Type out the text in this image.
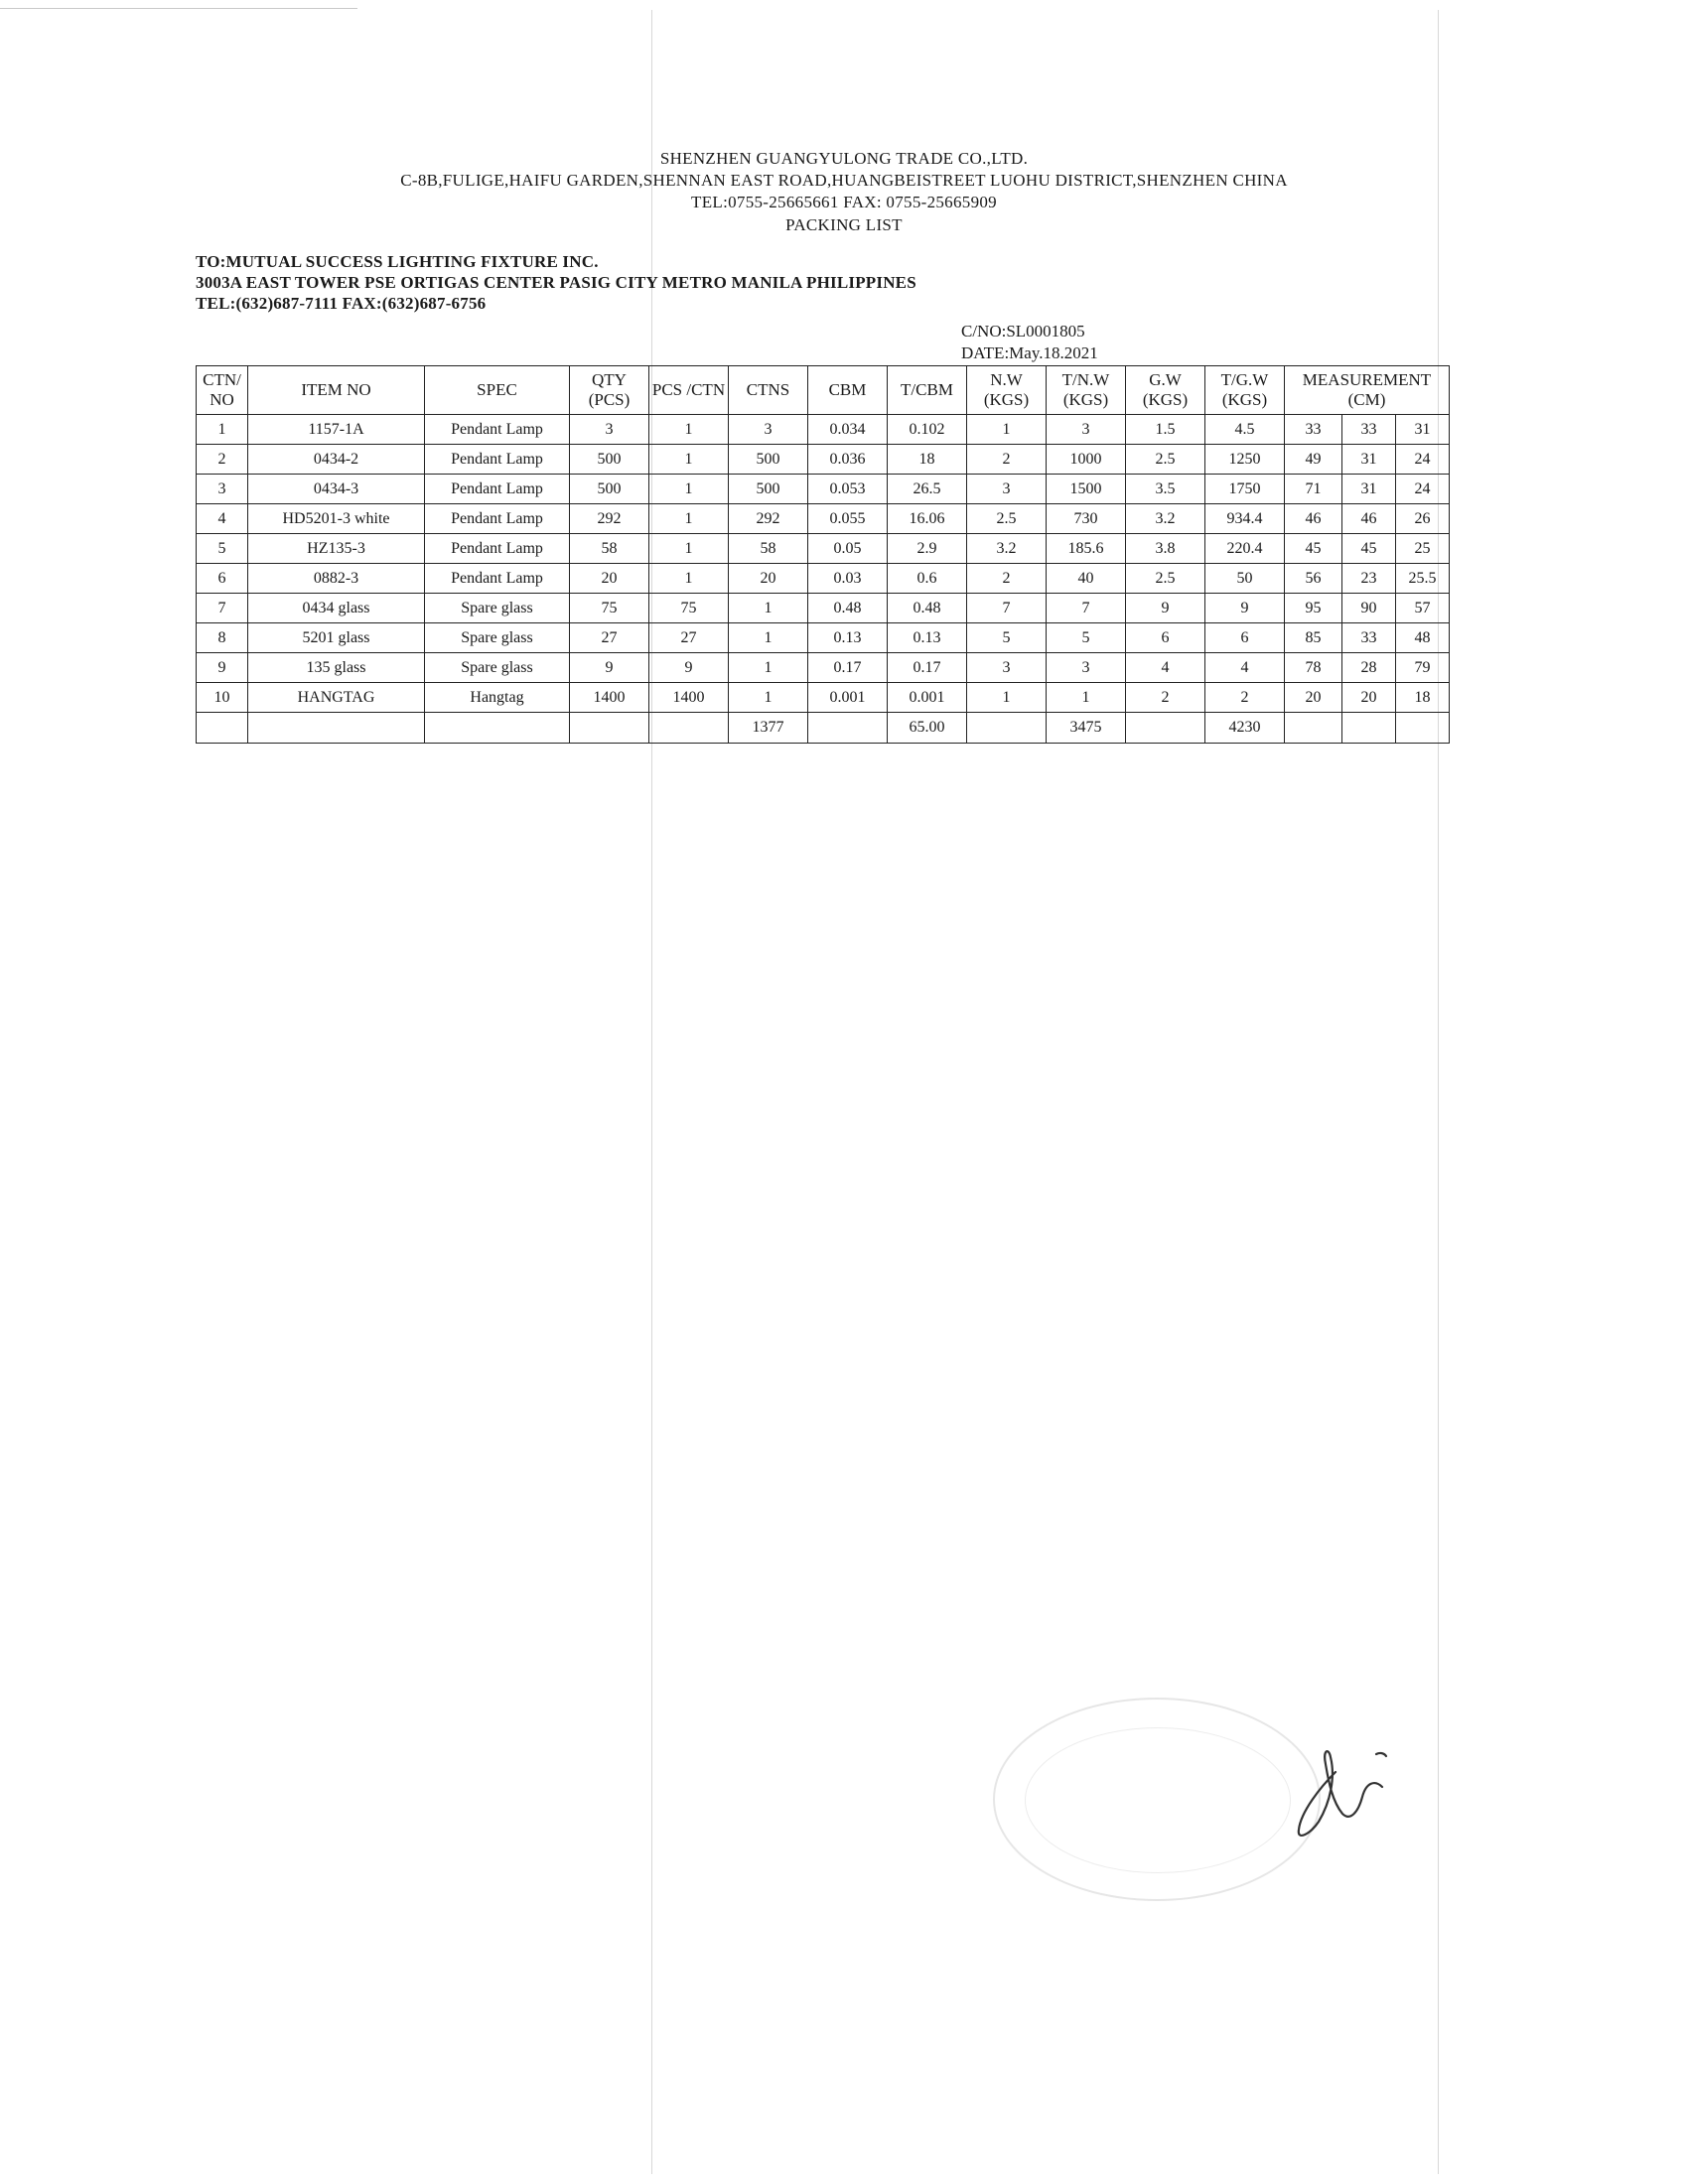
SHENZHEN GUANGYULONG TRADE CO.,LTD.
C-8B,FULIGE,HAIFU GARDEN,SHENNAN EAST ROAD,HUANGBEISTREET LUOHU DISTRICT,SHENZHEN CHINA
TEL:0755-25665661 FAX: 0755-25665909
PACKING LIST
TO:MUTUAL SUCCESS LIGHTING FIXTURE INC.
3003A EAST TOWER PSE ORTIGAS CENTER PASIG CITY METRO MANILA PHILIPPINES
TEL:(632)687-7111 FAX:(632)687-6756
C/NO:SL0001805
DATE:May.18.2021
CTN/ NO	ITEM NO	SPEC	QTY (PCS)	PCS /CTN	CTNS	CBM	T/CBM	N.W (KGS)	T/N.W (KGS)	G.W (KGS)	T/G.W (KGS)	MEASUREMENT (CM)		
1	1157-1A	Pendant Lamp	3	1	3	0.034	0.102	1	3	1.5	4.5	33	33	31
2	0434-2	Pendant Lamp	500	1	500	0.036	18	2	1000	2.5	1250	49	31	24
3	0434-3	Pendant Lamp	500	1	500	0.053	26.5	3	1500	3.5	1750	71	31	24
4	HD5201-3 white	Pendant Lamp	292	1	292	0.055	16.06	2.5	730	3.2	934.4	46	46	26
5	HZ135-3	Pendant Lamp	58	1	58	0.05	2.9	3.2	185.6	3.8	220.4	45	45	25
6	0882-3	Pendant Lamp	20	1	20	0.03	0.6	2	40	2.5	50	56	23	25.5
7	0434 glass	Spare glass	75	75	1	0.48	0.48	7	7	9	9	95	90	57
8	5201 glass	Spare glass	27	27	1	0.13	0.13	5	5	6	6	85	33	48
9	135 glass	Spare glass	9	9	1	0.17	0.17	3	3	4	4	78	28	79
10	HANGTAG	Hangtag	1400	1400	1	0.001	0.001	1	1	2	2	20	20	18
					1377		65.00		3475		4230			
